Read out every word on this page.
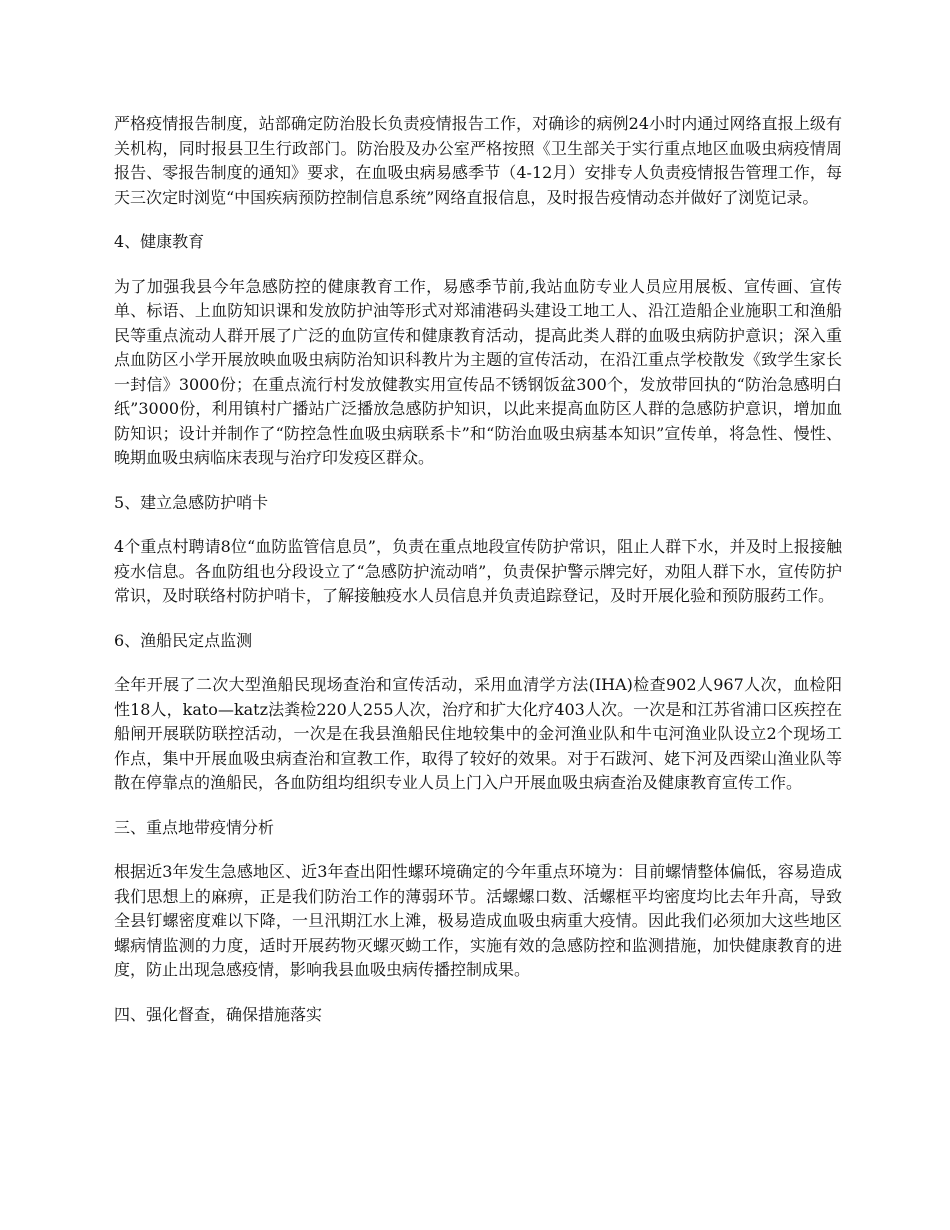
严格疫情报告制度，站部确定防治股长负责疫情报告工作，对确诊的病例24小时内通过网络直报上级有关机构，同时报县卫生行政部门。防治股及办公室严格按照《卫生部关于实行重点地区血吸虫病疫情周报告、零报告制度的通知》要求，在血吸虫病易感季节（4-12月）安排专人负责疫情报告管理工作，每天三次定时浏览“中国疾病预防控制信息系统”网络直报信息，及时报告疫情动态并做好了浏览记录。

4、健康教育

为了加强我县今年急感防控的健康教育工作，易感季节前,我站血防专业人员应用展板、宣传画、宣传单、标语、上血防知识课和发放防护油等形式对郑浦港码头建设工地工人、沿江造船企业施职工和渔船民等重点流动人群开展了广泛的血防宣传和健康教育活动，提高此类人群的血吸虫病防护意识；深入重点血防区小学开展放映血吸虫病防治知识科教片为主题的宣传活动，在沿江重点学校散发《致学生家长一封信》3000份；在重点流行村发放健教实用宣传品不锈钢饭盆300个，发放带回执的“防治急感明白纸”3000份，利用镇村广播站广泛播放急感防护知识，以此来提高血防区人群的急感防护意识，增加血防知识；设计并制作了“防控急性血吸虫病联系卡”和“防治血吸虫病基本知识”宣传单，将急性、慢性、晚期血吸虫病临床表现与治疗印发疫区群众。

5、建立急感防护哨卡

4个重点村聘请8位“血防监管信息员”，负责在重点地段宣传防护常识，阻止人群下水，并及时上报接触疫水信息。各血防组也分段设立了“急感防护流动哨”，负责保护警示牌完好，劝阻人群下水，宣传防护常识，及时联络村防护哨卡，了解接触疫水人员信息并负责追踪登记，及时开展化验和预防服药工作。

6、渔船民定点监测

全年开展了二次大型渔船民现场查治和宣传活动，采用血清学方法(IHA)检查902人967人次，血检阳性18人，kato—katz法粪检220人255人次，治疗和扩大化疗403人次。一次是和江苏省浦口区疾控在船闸开展联防联控活动，一次是在我县渔船民住地较集中的金河渔业队和牛屯河渔业队设立2个现场工作点，集中开展血吸虫病查治和宣教工作，取得了较好的效果。对于石跋河、姥下河及西梁山渔业队等散在停靠点的渔船民，各血防组均组织专业人员上门入户开展血吸虫病查治及健康教育宣传工作。

三、重点地带疫情分析

根据近3年发生急感地区、近3年查出阳性螺环境确定的今年重点环境为：目前螺情整体偏低，容易造成我们思想上的麻痹，正是我们防治工作的薄弱环节。活螺螺口数、活螺框平均密度均比去年升高，导致全县钉螺密度难以下降，一旦汛期江水上滩，极易造成血吸虫病重大疫情。因此我们必须加大这些地区螺病情监测的力度，适时开展药物灭螺灭蚴工作，实施有效的急感防控和监测措施，加快健康教育的进度，防止出现急感疫情，影响我县血吸虫病传播控制成果。

四、强化督查，确保措施落实
